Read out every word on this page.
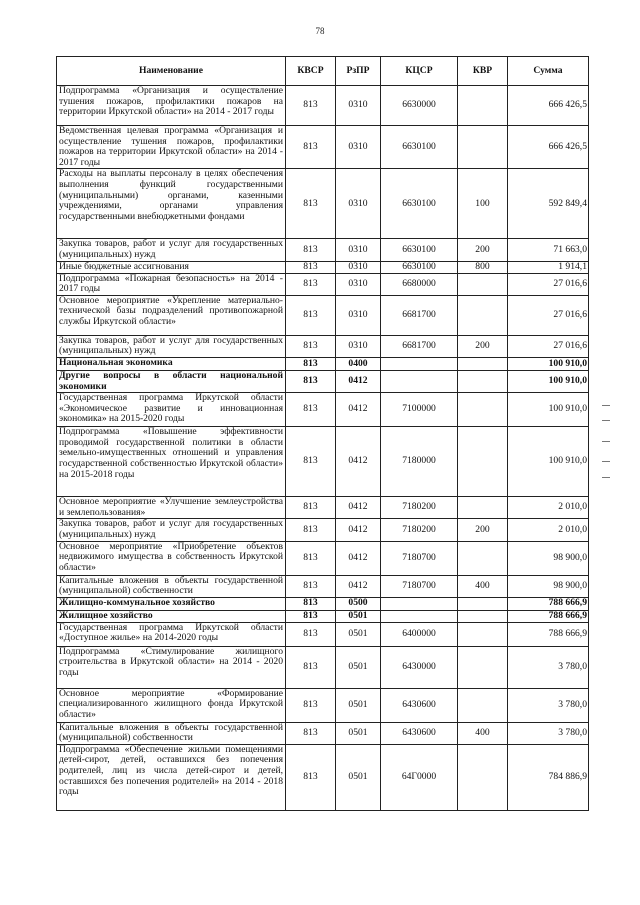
78
Наименование	КВСР	РзПР	КЦСР	КВР	Сумма
Подпрограмма «Организация и осуществление тушения пожаров, профилактики пожаров на территории Иркутской области» на 2014 - 2017 годы	813	0310	6630000		666 426,5
Ведомственная целевая программа «Организация и осуществление тушения пожаров, профилактики пожаров на территории Иркутской области» на 2014 - 2017 годы	813	0310	6630100		666 426,5
Расходы на выплаты персоналу в целях обеспечения выполнения функций государственными (муниципальными) органами, казенными учреждениями, органами управления государственными внебюджетными фондами	813	0310	6630100	100	592 849,4
Закупка товаров, работ и услуг для государственных (муниципальных) нужд	813	0310	6630100	200	71 663,0
Иные бюджетные ассигнования	813	0310	6630100	800	1 914,1
Подпрограмма «Пожарная безопасность» на 2014 - 2017 годы	813	0310	6680000		27 016,6
Основное мероприятие «Укрепление материально-технической базы подразделений противопожарной службы Иркутской области»	813	0310	6681700		27 016,6
Закупка товаров, работ и услуг для государственных (муниципальных) нужд	813	0310	6681700	200	27 016,6
Национальная экономика	813	0400			100 910,0
Другие вопросы в области национальной экономики	813	0412			100 910,0
Государственная программа Иркутской области «Экономическое развитие и инновационная экономика» на 2015-2020 годы	813	0412	7100000		100 910,0
Подпрограмма «Повышение эффективности проводимой государственной политики в области земельно-имущественных отношений и управления государственной собственностью Иркутской области» на 2015-2018 годы	813	0412	7180000		100 910,0
Основное мероприятие «Улучшение землеустройства и землепользования»	813	0412	7180200		2 010,0
Закупка товаров, работ и услуг для государственных (муниципальных) нужд	813	0412	7180200	200	2 010,0
Основное мероприятие «Приобретение объектов недвижимого имущества в собственность Иркутской области»	813	0412	7180700		98 900,0
Капитальные вложения в объекты государственной (муниципальной) собственности	813	0412	7180700	400	98 900,0
Жилищно-коммунальное хозяйство	813	0500			788 666,9
Жилищное хозяйство	813	0501			788 666,9
Государственная программа Иркутской области «Доступное жилье» на 2014-2020 годы	813	0501	6400000		788 666,9
Подпрограмма «Стимулирование жилищного строительства в Иркутской области» на 2014 - 2020 годы	813	0501	6430000		3 780,0
Основное мероприятие «Формирование специализированного жилищного фонда Иркутской области»	813	0501	6430600		3 780,0
Капитальные вложения в объекты государственной (муниципальной) собственности	813	0501	6430600	400	3 780,0
Подпрограмма «Обеспечение жильми помещениями детей-сирот, детей, оставшихся без попечения родителей, лиц из числа детей-сирот и детей, оставшихся без попечения родителей» на 2014 - 2018 годы	813	0501	64Г0000		784 886,9
